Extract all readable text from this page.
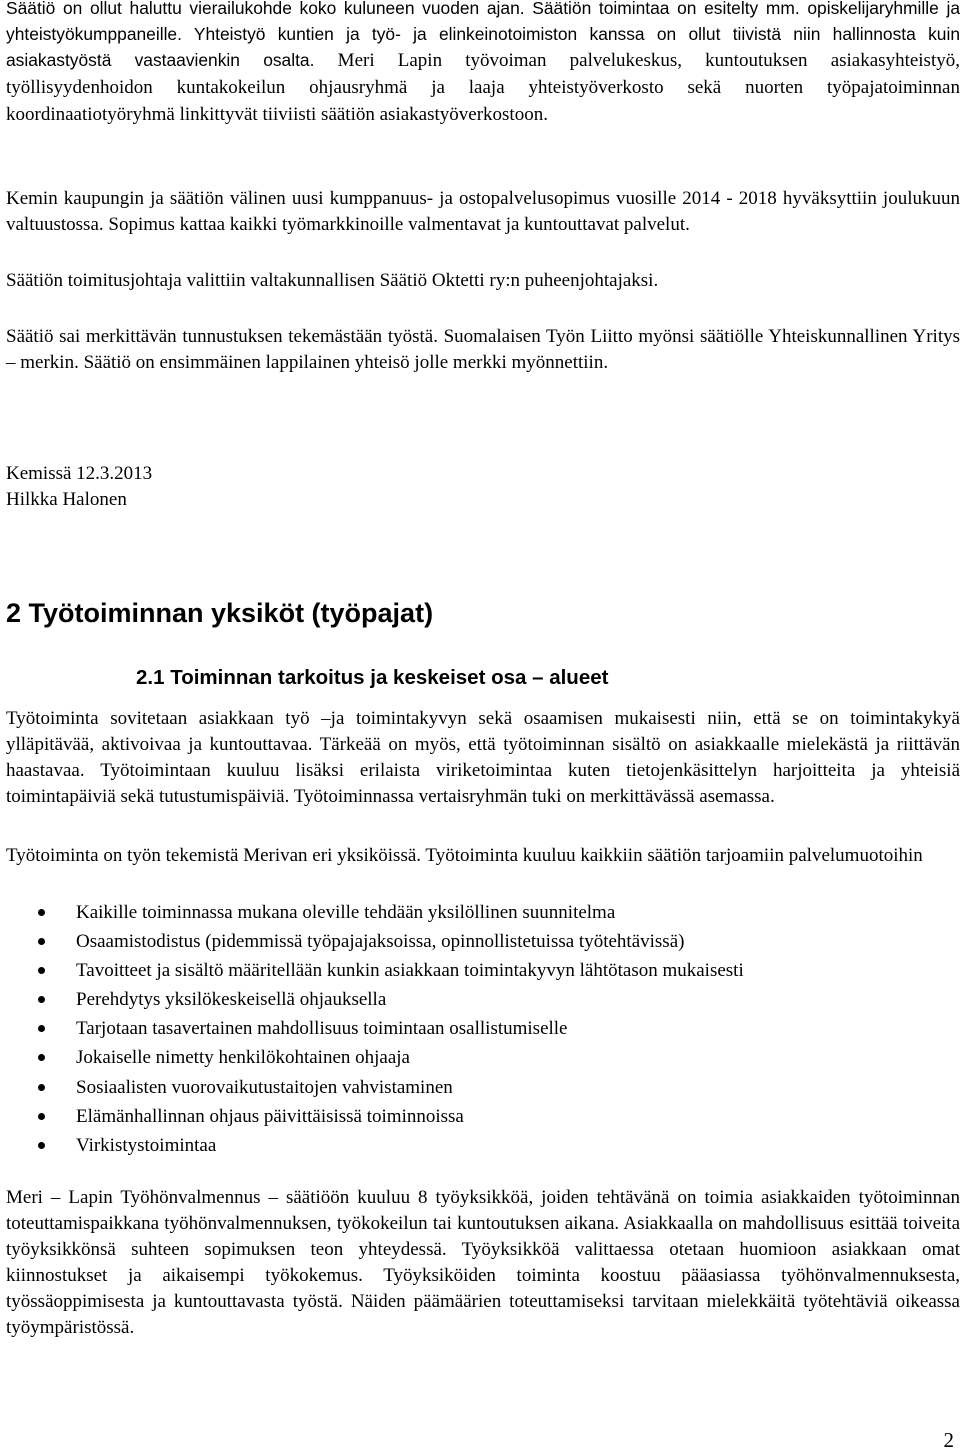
Säätiö on ollut haluttu vierailukohde koko kuluneen vuoden ajan. Säätiön toimintaa on esitelty mm. opiskelijaryhmille ja yhteistyökumppaneille. Yhteistyö kuntien ja työ- ja elinkeinotoimiston kanssa on ollut tiivistä niin hallinnosta kuin asiakastyöstä vastaavienkin osalta. Meri Lapin työvoiman palvelukeskus, kuntoutuksen asiakasyhteistyö, työllisyydenhoidon kuntakokeilun ohjausryhmä ja laaja yhteistyöverkosto sekä nuorten työpajatoiminnan koordinaatiotyöryhmä linkittyvät tiiviisti säätiön asiakastyöverkostoon.

Kemin kaupungin ja säätiön välinen uusi kumppanuus- ja ostopalvelusopimus vuosille 2014 - 2018 hyväksyttiin joulukuun valtuustossa. Sopimus kattaa kaikki työmarkkinoille valmentavat ja kuntouttavat palvelut.

Säätiön toimitusjohtaja valittiin valtakunnallisen Säätiö Oktetti ry:n puheenjohtajaksi.

Säätiö sai merkittävän tunnustuksen tekemästään työstä. Suomalaisen Työn Liitto myönsi säätiölle Yhteiskunnallinen Yritys – merkin. Säätiö on ensimmäinen lappilainen yhteisö jolle merkki myönnettiin.

Kemissä 12.3.2013
Hilkka Halonen
2 Työtoiminnan yksiköt (työpajat)
2.1 Toiminnan tarkoitus ja keskeiset osa – alueet

Työtoiminta sovitetaan asiakkaan työ –ja toimintakyvyn sekä osaamisen mukaisesti niin, että se on toimintakykyä ylläpitävää, aktivoivaa ja kuntouttavaa. Tärkeää on myös, että työtoiminnan sisältö on asiakkaalle mielekästä ja riittävän haastavaa. Työtoimintaan kuuluu lisäksi erilaista viriketoimintaa kuten tietojenkäsittelyn harjoitteita ja yhteisiä toimintapäiviä sekä tutustumispäiviä. Työtoiminnassa vertaisryhmän tuki on merkittävässä asemassa.

Työtoiminta on työn tekemistä Merivan eri yksiköissä. Työtoiminta kuuluu kaikkiin säätiön tarjoamiin palvelumuotoihin

Kaikille toiminnassa mukana oleville tehdään yksilöllinen suunnitelma
Osaamistodistus (pidemmissä työpajajaksoissa, opinnollistetuissa työtehtävissä)
Tavoitteet ja sisältö määritellään kunkin asiakkaan toimintakyvyn lähtötason mukaisesti
Perehdytys yksilökeskeisellä ohjauksella
Tarjotaan tasavertainen mahdollisuus toimintaan osallistumiselle
Jokaiselle nimetty henkilökohtainen ohjaaja
Sosiaalisten vuorovaikutustaitojen vahvistaminen
Elämänhallinnan ohjaus päivittäisissä toiminnoissa
Virkistystoimintaa

Meri – Lapin Työhönvalmennus – säätiöön kuuluu 8 työyksikköä, joiden tehtävänä on toimia asiakkaiden työtoiminnan toteuttamispaikkana työhönvalmennuksen, työkokeilun tai kuntoutuksen aikana. Asiakkaalla on mahdollisuus esittää toiveita työyksikkönsä suhteen sopimuksen teon yhteydessä. Työyksikköä valittaessa otetaan huomioon asiakkaan omat kiinnostukset ja aikaisempi työkokemus. Työyksiköiden toiminta koostuu pääasiassa työhönvalmennuksesta, työssäoppimisesta ja kuntouttavasta työstä. Näiden päämäärien toteuttamiseksi tarvitaan mielekkäitä työtehtäviä oikeassa työympäristössä.

2
